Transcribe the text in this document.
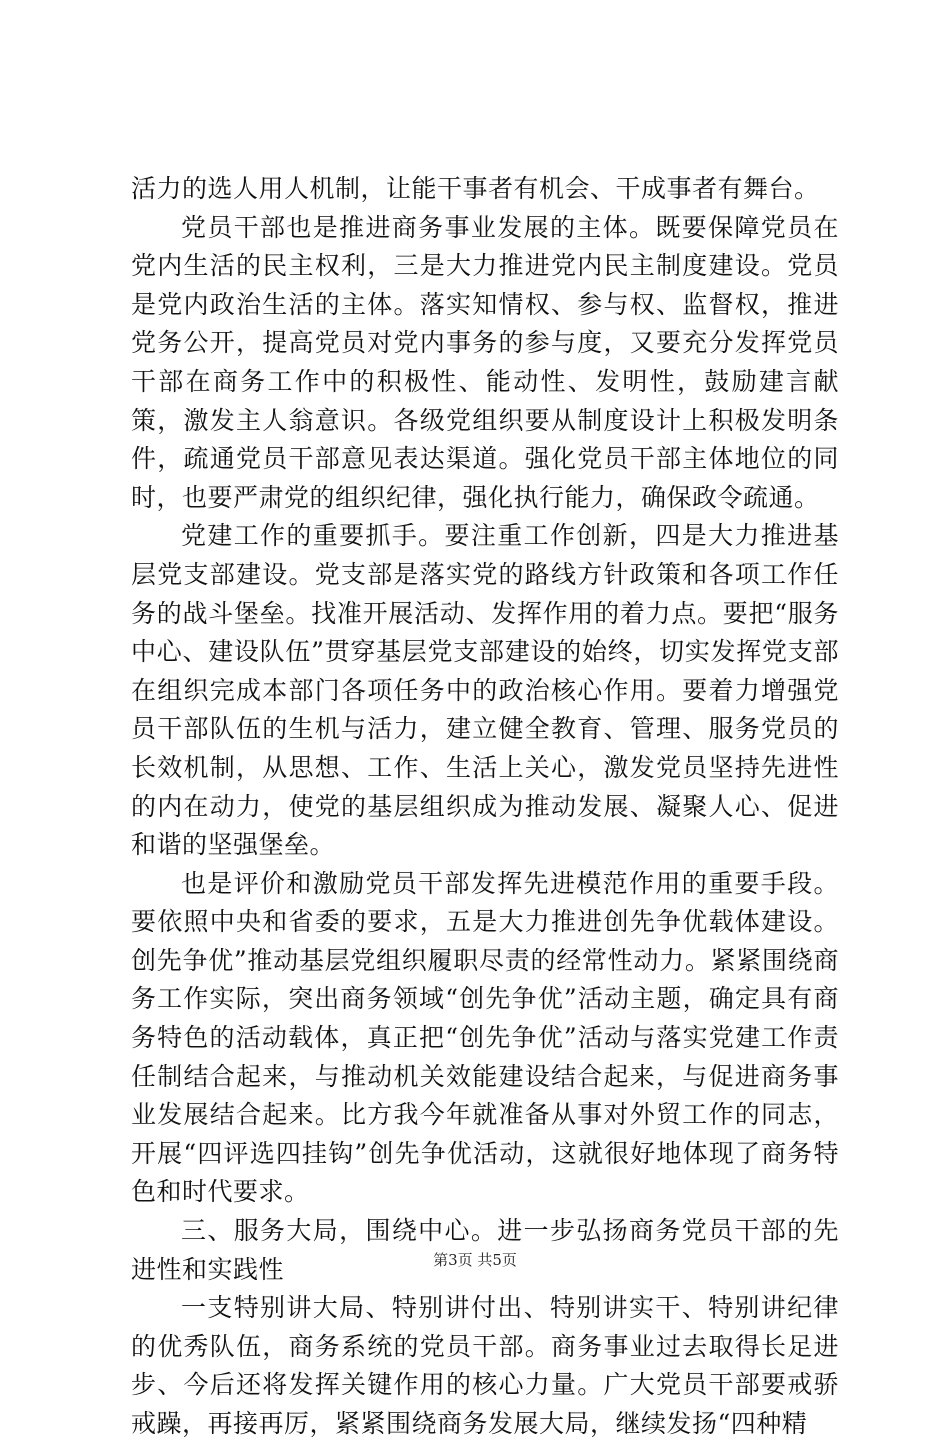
活力的选人用人机制，让能干事者有机会、干成事者有舞台。

党员干部也是推进商务事业发展的主体。既要保障党员在党内生活的民主权利，三是大力推进党内民主制度建设。党员是党内政治生活的主体。落实知情权、参与权、监督权，推进党务公开，提高党员对党内事务的参与度，又要充分发挥党员干部在商务工作中的积极性、能动性、发明性，鼓励建言献策，激发主人翁意识。各级党组织要从制度设计上积极发明条件，疏通党员干部意见表达渠道。强化党员干部主体地位的同时，也要严肃党的组织纪律，强化执行能力，确保政令疏通。

党建工作的重要抓手。要注重工作创新，四是大力推进基层党支部建设。党支部是落实党的路线方针政策和各项工作任务的战斗堡垒。找准开展活动、发挥作用的着力点。要把“服务中心、建设队伍”贯穿基层党支部建设的始终，切实发挥党支部在组织完成本部门各项任务中的政治核心作用。要着力增强党员干部队伍的生机与活力，建立健全教育、管理、服务党员的长效机制，从思想、工作、生活上关心，激发党员坚持先进性的内在动力，使党的基层组织成为推动发展、凝聚人心、促进和谐的坚强堡垒。

也是评价和激励党员干部发挥先进模范作用的重要手段。要依照中央和省委的要求，五是大力推进创先争优载体建设。创先争优”推动基层党组织履职尽责的经常性动力。紧紧围绕商务工作实际，突出商务领域“创先争优”活动主题，确定具有商务特色的活动载体，真正把“创先争优”活动与落实党建工作责任制结合起来，与推动机关效能建设结合起来，与促进商务事业发展结合起来。比方我今年就准备从事对外贸工作的同志，开展“四评选四挂钩”创先争优活动，这就很好地体现了商务特色和时代要求。

三、服务大局，围绕中心。进一步弘扬商务党员干部的先进性和实践性

一支特别讲大局、特别讲付出、特别讲实干、特别讲纪律的优秀队伍，商务系统的党员干部。商务事业过去取得长足进步、今后还将发挥关键作用的核心力量。广大党员干部要戒骄戒躁，再接再厉，紧紧围绕商务发展大局，继续发扬“四种精

第3页 共5页
